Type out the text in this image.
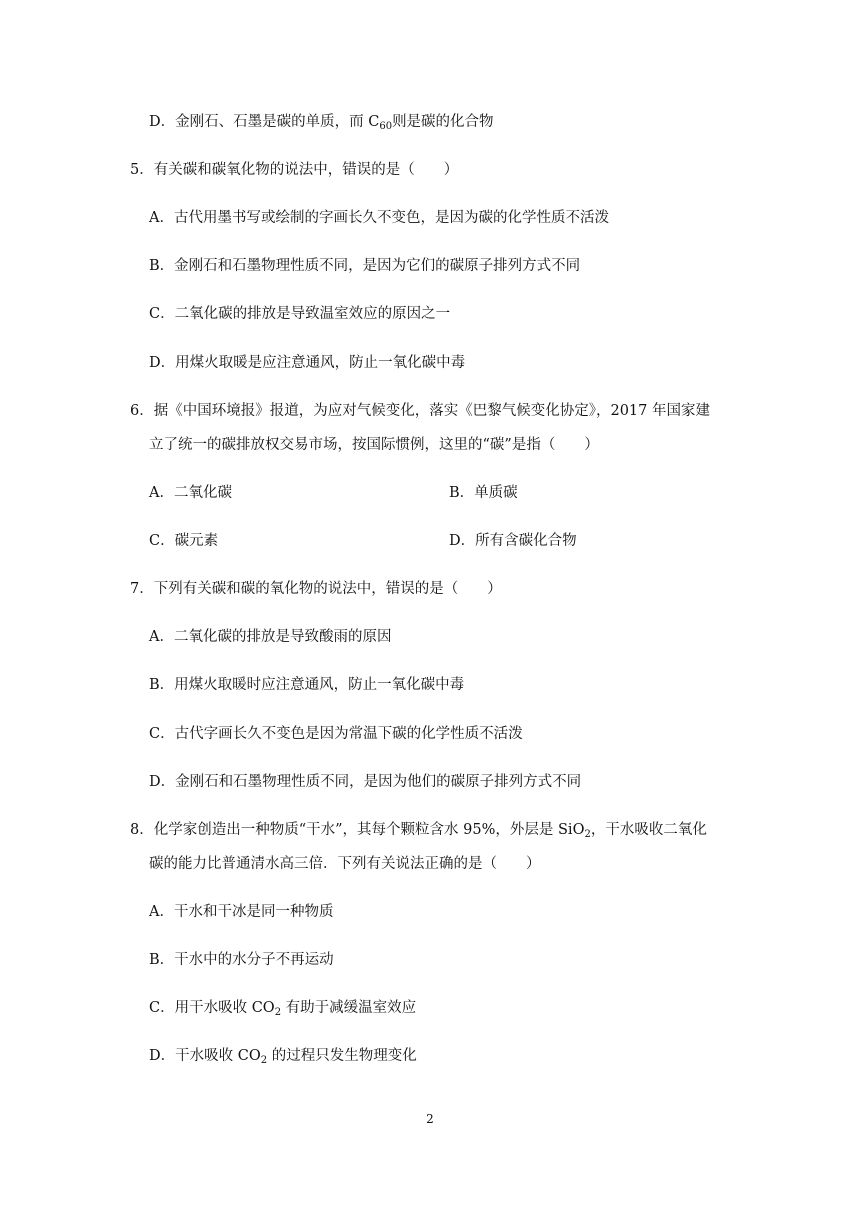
D．金刚石、石墨是碳的单质，而 $C_{60}$则是碳的化合物
5．有关碳和碳氧化物的说法中，错误的是（　　）
A．古代用墨书写或绘制的字画长久不变色，是因为碳的化学性质不活泼
B．金刚石和石墨物理性质不同，是因为它们的碳原子排列方式不同
C．二氧化碳的排放是导致温室效应的原因之一
D．用煤火取暖是应注意通风，防止一氧化碳中毒
6．据《中国环境报》报道，为应对气候变化，落实《巴黎气候变化协定》，2017 年国家建
立了统一的碳排放权交易市场，按国际惯例，这里的“碳”是指（　　）
A．二氧化碳	B．单质碳
C．碳元素	D．所有含碳化合物
7．下列有关碳和碳的氧化物的说法中，错误的是（　　）
A．二氧化碳的排放是导致酸雨的原因
B．用煤火取暖时应注意通风，防止一氧化碳中毒
C．古代字画长久不变色是因为常温下碳的化学性质不活泼
D．金刚石和石墨物理性质不同，是因为他们的碳原子排列方式不同
8．化学家创造出一种物质“干水”，其每个颗粒含水 95%，外层是 SiO$_2$，干水吸收二氧化
碳的能力比普通清水高三倍．下列有关说法正确的是（　　）
A．干水和干冰是同一种物质
B．干水中的水分子不再运动
C．用干水吸收 $CO_2$ 有助于减缓温室效应
D．干水吸收 $CO_2$ 的过程只发生物理变化
2
